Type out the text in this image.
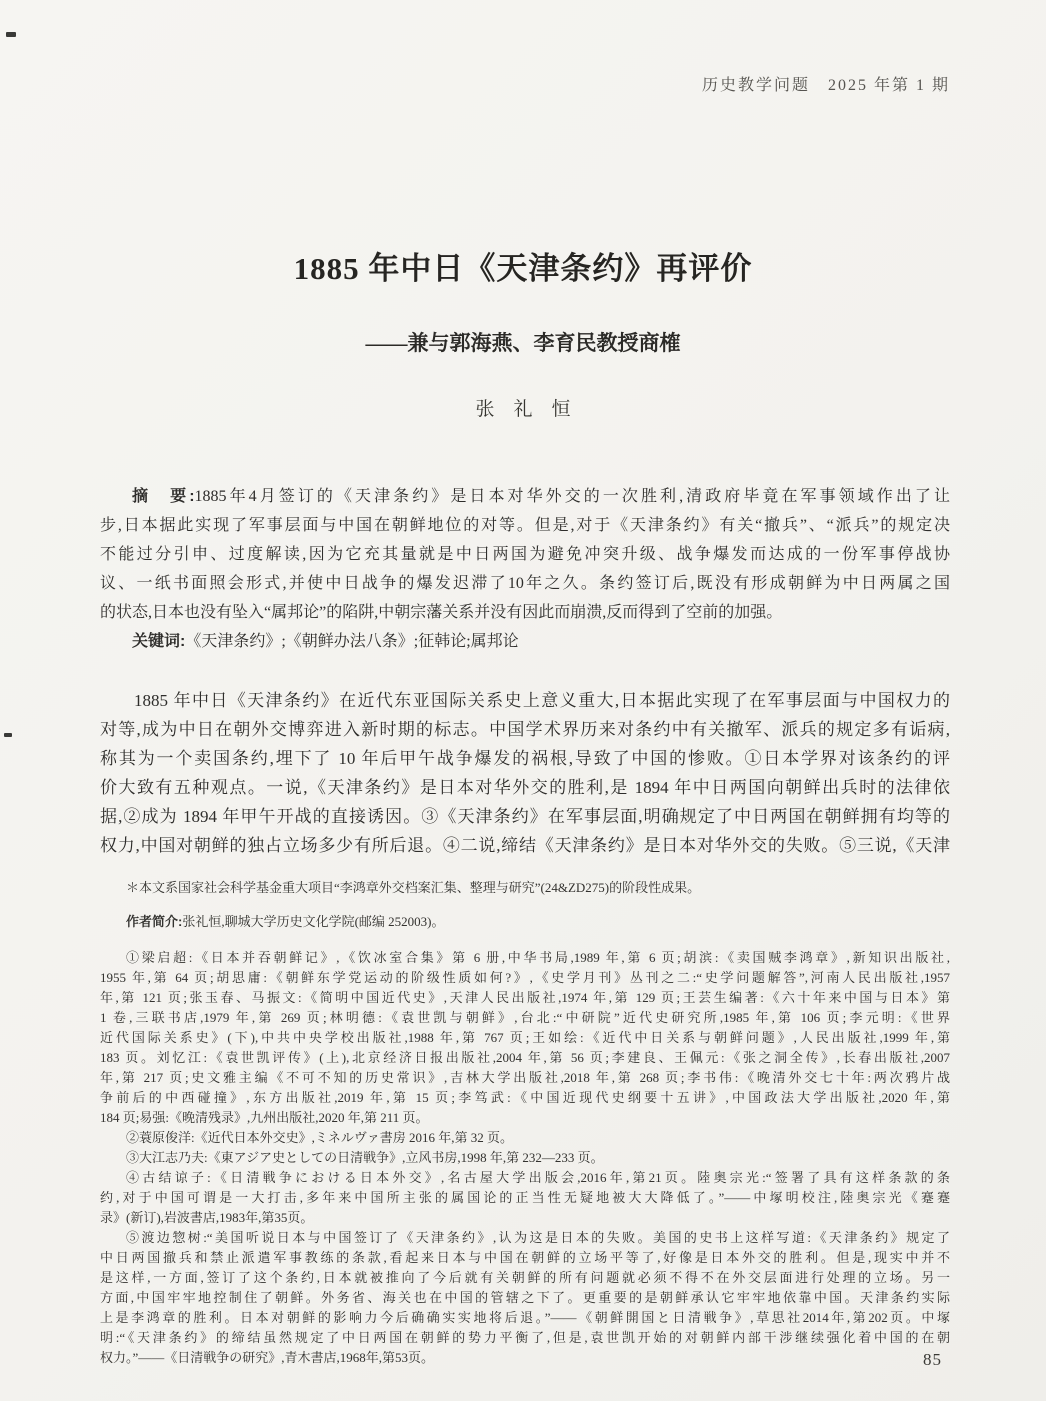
历史教学问题　2025 年第 1 期
1885 年中日《天津条约》再评价
——兼与郭海燕、李育民教授商榷
张　礼　恒
摘　要:1885年4月签订的《天津条约》是日本对华外交的一次胜利,清政府毕竟在军事领域作出了让
步,日本据此实现了军事层面与中国在朝鲜地位的对等。但是,对于《天津条约》有关“撤兵”、“派兵”的规定决
不能过分引申、过度解读,因为它充其量就是中日两国为避免冲突升级、战争爆发而达成的一份军事停战协
议、一纸书面照会形式,并使中日战争的爆发迟滞了10年之久。条约签订后,既没有形成朝鲜为中日两属之国
的状态,日本也没有坠入“属邦论”的陷阱,中朝宗藩关系并没有因此而崩溃,反而得到了空前的加强。
关键词:《天津条约》;《朝鲜办法八条》;征韩论;属邦论
1885 年中日《天津条约》在近代东亚国际关系史上意义重大,日本据此实现了在军事层面与中国权力的
对等,成为中日在朝外交博弈进入新时期的标志。中国学术界历来对条约中有关撤军、派兵的规定多有诟病,
称其为一个卖国条约,埋下了 10 年后甲午战争爆发的祸根,导致了中国的惨败。①日本学界对该条约的评
价大致有五种观点。一说,《天津条约》是日本对华外交的胜利,是 1894 年中日两国向朝鲜出兵时的法律依
据,②成为 1894 年甲午开战的直接诱因。③《天津条约》在军事层面,明确规定了中日两国在朝鲜拥有均等的
权力,中国对朝鲜的独占立场多少有所后退。④二说,缔结《天津条约》是日本对华外交的失败。⑤三说,《天津
＊本文系国家社会科学基金重大项目“李鸿章外交档案汇集、整理与研究”(24&ZD275)的阶段性成果。
作者简介:张礼恒,聊城大学历史文化学院(邮编 252003)。
①梁启超:《日本并吞朝鲜记》,《饮冰室合集》第 6 册,中华书局,1989 年,第 6 页;胡滨:《卖国贼李鸿章》,新知识出版社,
1955 年,第 64 页;胡思庸:《朝鲜东学党运动的阶级性质如何?》,《史学月刊》丛刊之二:“史学问题解答”,河南人民出版社,1957
年,第 121 页;张玉春、马振文:《简明中国近代史》,天津人民出版社,1974 年,第 129 页;王芸生编著:《六十年来中国与日本》第
1 卷,三联书店,1979 年,第 269 页;林明德:《袁世凯与朝鲜》,台北:“中研院”近代史研究所,1985 年,第 106 页;李元明:《世界
近代国际关系史》(下),中共中央学校出版社,1988 年,第 767 页;王如绘:《近代中日关系与朝鲜问题》,人民出版社,1999 年,第
183 页。刘忆江:《袁世凯评传》(上),北京经济日报出版社,2004 年,第 56 页;李建良、王佩元:《张之洞全传》,长春出版社,2007
年,第 217 页;史文雅主编《不可不知的历史常识》,吉林大学出版社,2018 年,第 268 页;李书伟:《晚清外交七十年:两次鸦片战
争前后的中西碰撞》,东方出版社,2019 年,第 15 页;李笃武:《中国近现代史纲要十五讲》,中国政法大学出版社,2020 年,第
184 页;易强:《晚清残录》,九州出版社,2020 年,第 211 页。
②蓑原俊洋:《近代日本外交史》,ミネルヴァ書房 2016 年,第 32 页。
③大江志乃夫:《東アジア史としての日清戦争》,立风书房,1998 年,第 232—233 页。
④古结谅子:《日清戦争における日本外交》,名古屋大学出版会,2016年,第21页。陸奥宗光:“签署了具有这样条款的条
约,对于中国可谓是一大打击,多年来中国所主张的属国论的正当性无疑地被大大降低了。”——中塚明校注,陸奥宗光《蹇蹇
录》(新订),岩波書店,1983年,第35页。
⑤渡边惣树:“美国听说日本与中国签订了《天津条约》,认为这是日本的失败。美国的史书上这样写道:《天津条约》规定了
中日两国撤兵和禁止派遣军事教练的条款,看起来日本与中国在朝鲜的立场平等了,好像是日本外交的胜利。但是,现实中并不
是这样,一方面,签订了这个条约,日本就被推向了今后就有关朝鲜的所有问题就必须不得不在外交层面进行处理的立场。另一
方面,中国牢牢地控制住了朝鲜。外务省、海关也在中国的管辖之下了。更重要的是朝鲜承认它牢牢地依靠中国。天津条约实际
上是李鸿章的胜利。日本对朝鲜的影响力今后确确实实地将后退。”——《朝鲜開国と日清戦争》,草思社2014年,第202页。中塚
明:“《天津条约》的缔结虽然规定了中日两国在朝鲜的势力平衡了,但是,袁世凯开始的对朝鲜内部干涉继续强化着中国的在朝
权力。”——《日清戦争の研究》,青木書店,1968年,第53页。	85
